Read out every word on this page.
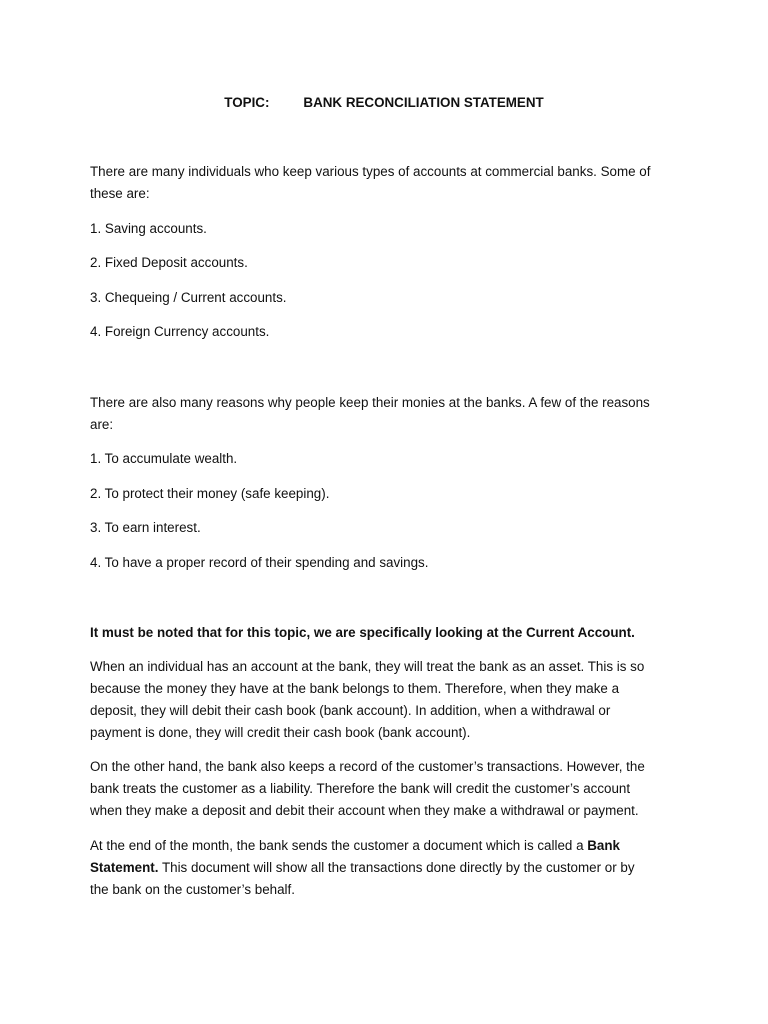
TOPIC:	BANK RECONCILIATION STATEMENT

There are many individuals who keep various types of accounts at commercial banks. Some of

these are:

1. Saving accounts.

2. Fixed Deposit accounts.

3. Chequeing / Current accounts.

4. Foreign Currency accounts.

There are also many reasons why people keep their monies at the banks. A few of the reasons

are:

1. To accumulate wealth.

2. To protect their money (safe keeping).

3. To earn interest.

4. To have a proper record of their spending and savings.

It must be noted that for this topic, we are specifically looking at the Current Account.

When an individual has an account at the bank, they will treat the bank as an asset. This is so

because the money they have at the bank belongs to them. Therefore, when they make a

deposit, they will debit their cash book (bank account). In addition, when a withdrawal or

payment is done, they will credit their cash book (bank account).

On the other hand, the bank also keeps a record of the customer’s transactions. However, the

bank treats the customer as a liability. Therefore the bank will credit the customer’s account

when they make a deposit and debit their account when they make a withdrawal or payment.

At the end of the month, the bank sends the customer a document which is called a Bank

Statement. This document will show all the transactions done directly by the customer or by

the bank on the customer’s behalf.
